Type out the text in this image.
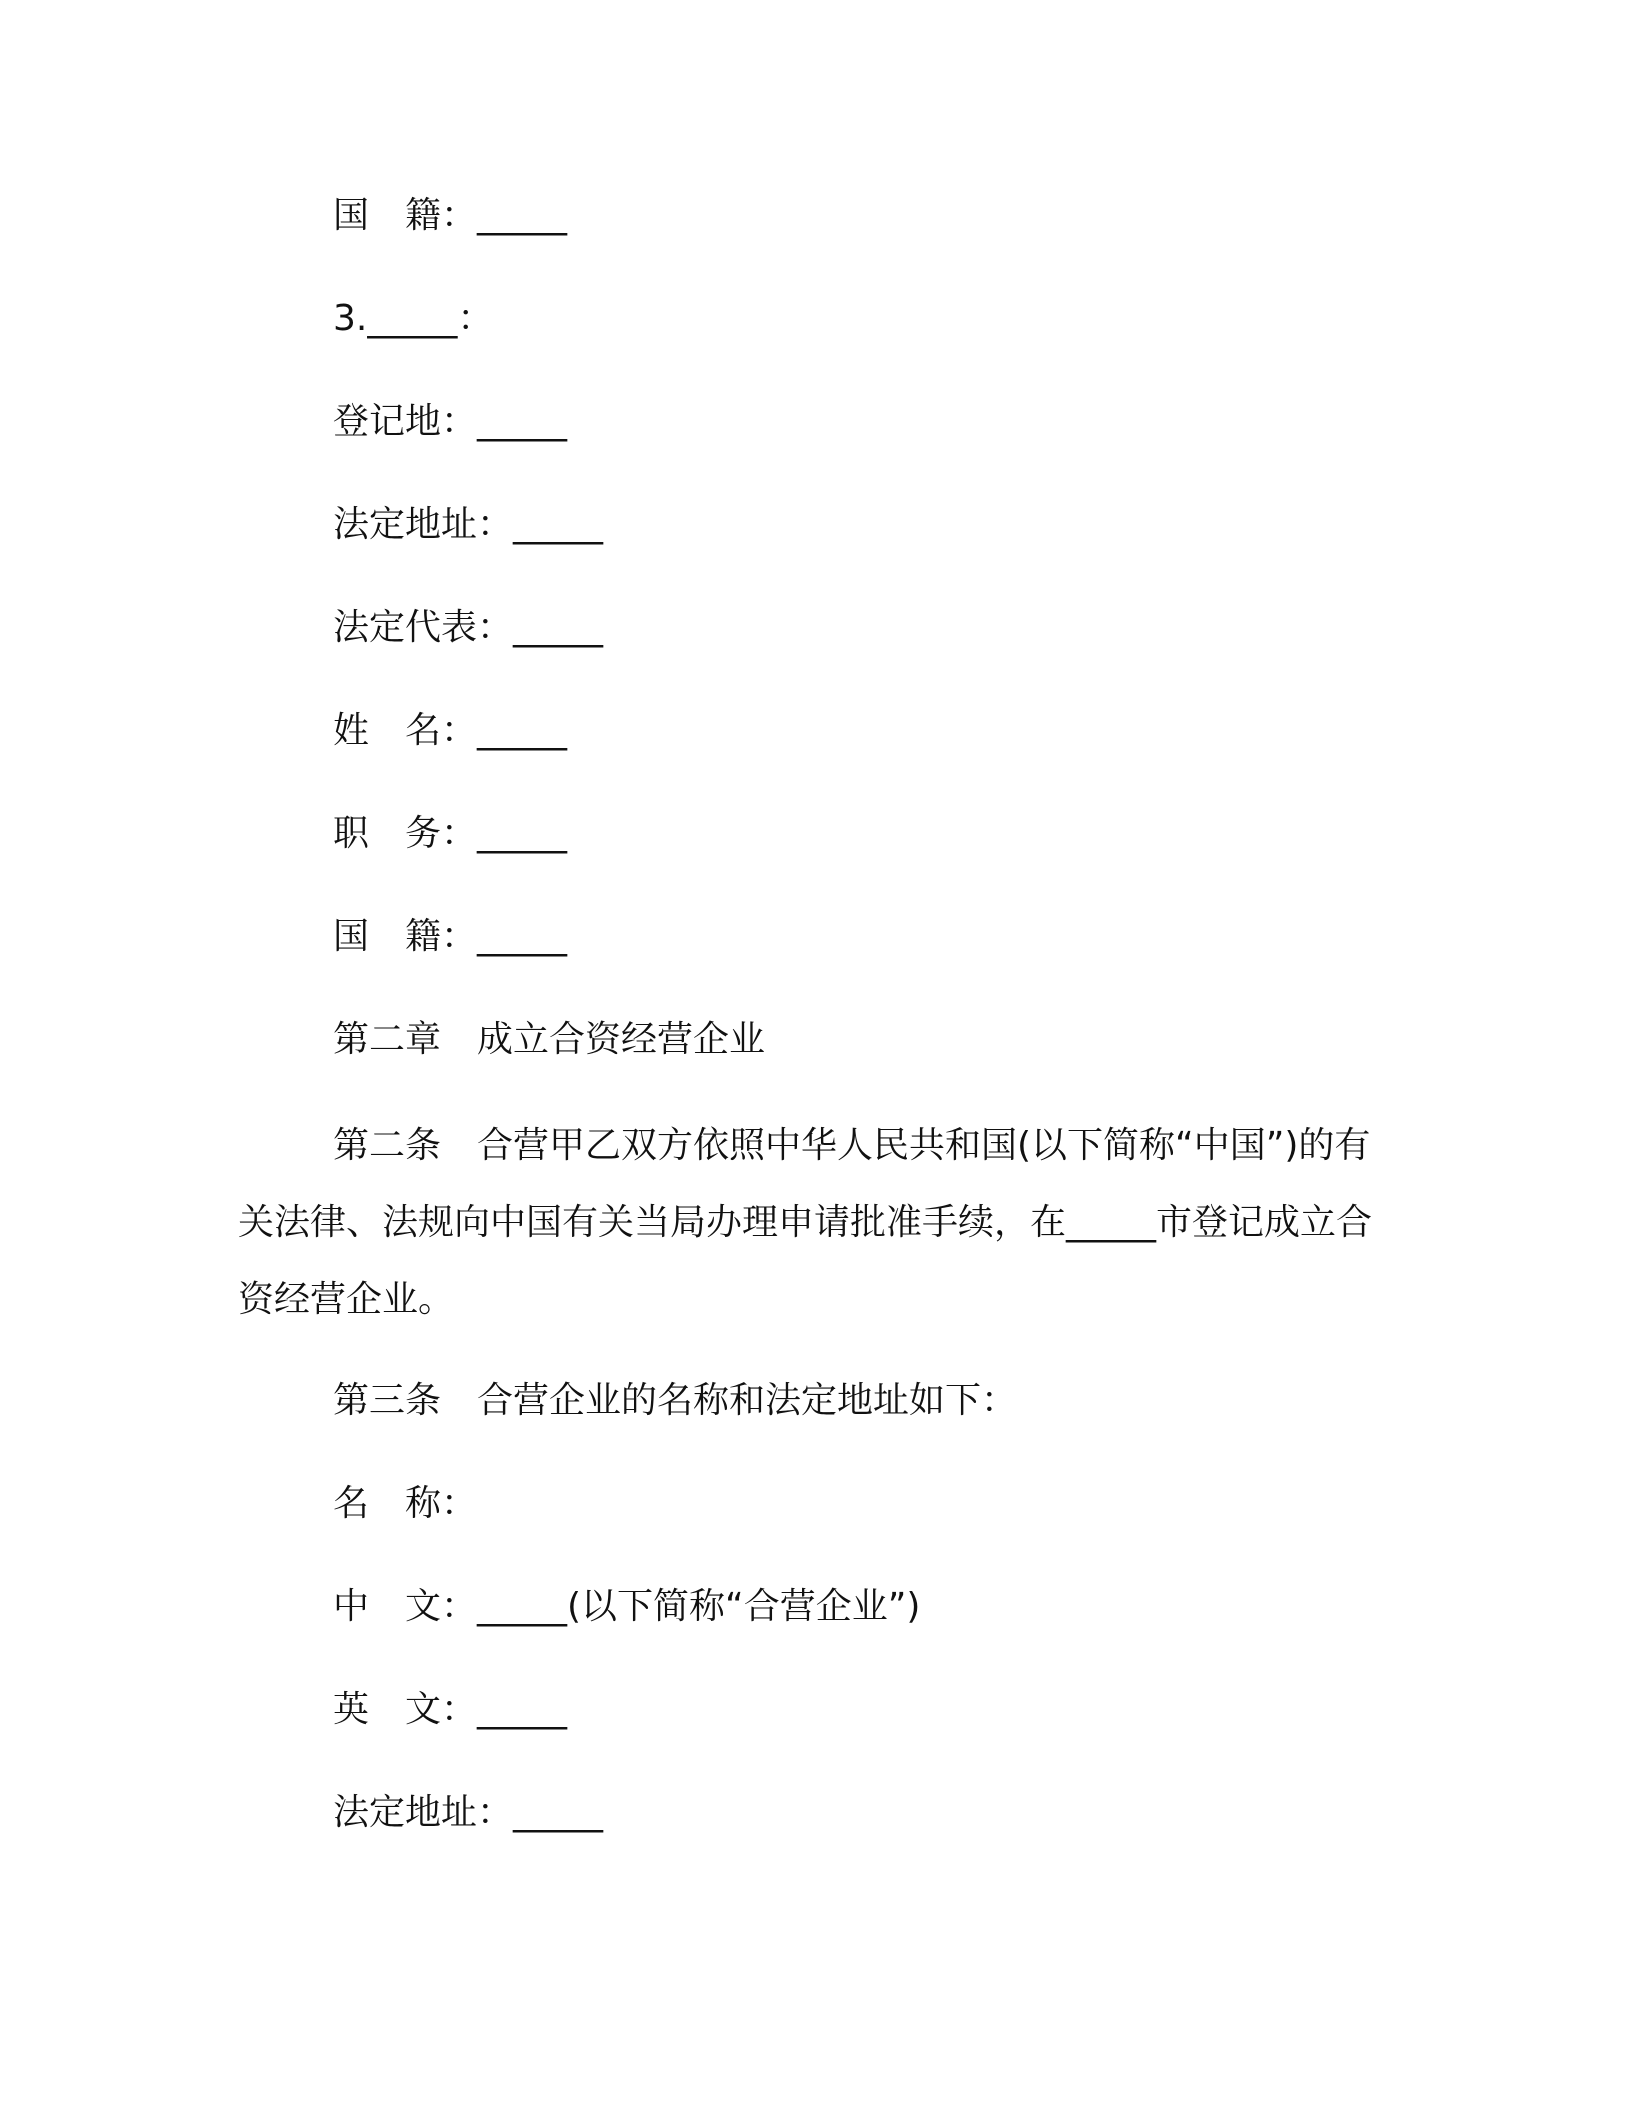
国　籍：_____
3._____：
登记地：_____
法定地址：_____
法定代表：_____
姓　名：_____
职　务：_____
国　籍：_____
第二章　成立合资经营企业
第二条　合营甲乙双方依照中华人民共和国(以下简称“中国”)的有关法律、法规向中国有关当局办理申请批准手续，在_____市登记成立合资经营企业。
第三条　合营企业的名称和法定地址如下：
名　称：
中　文：_____(以下简称“合营企业”)
英　文：_____
法定地址：_____
